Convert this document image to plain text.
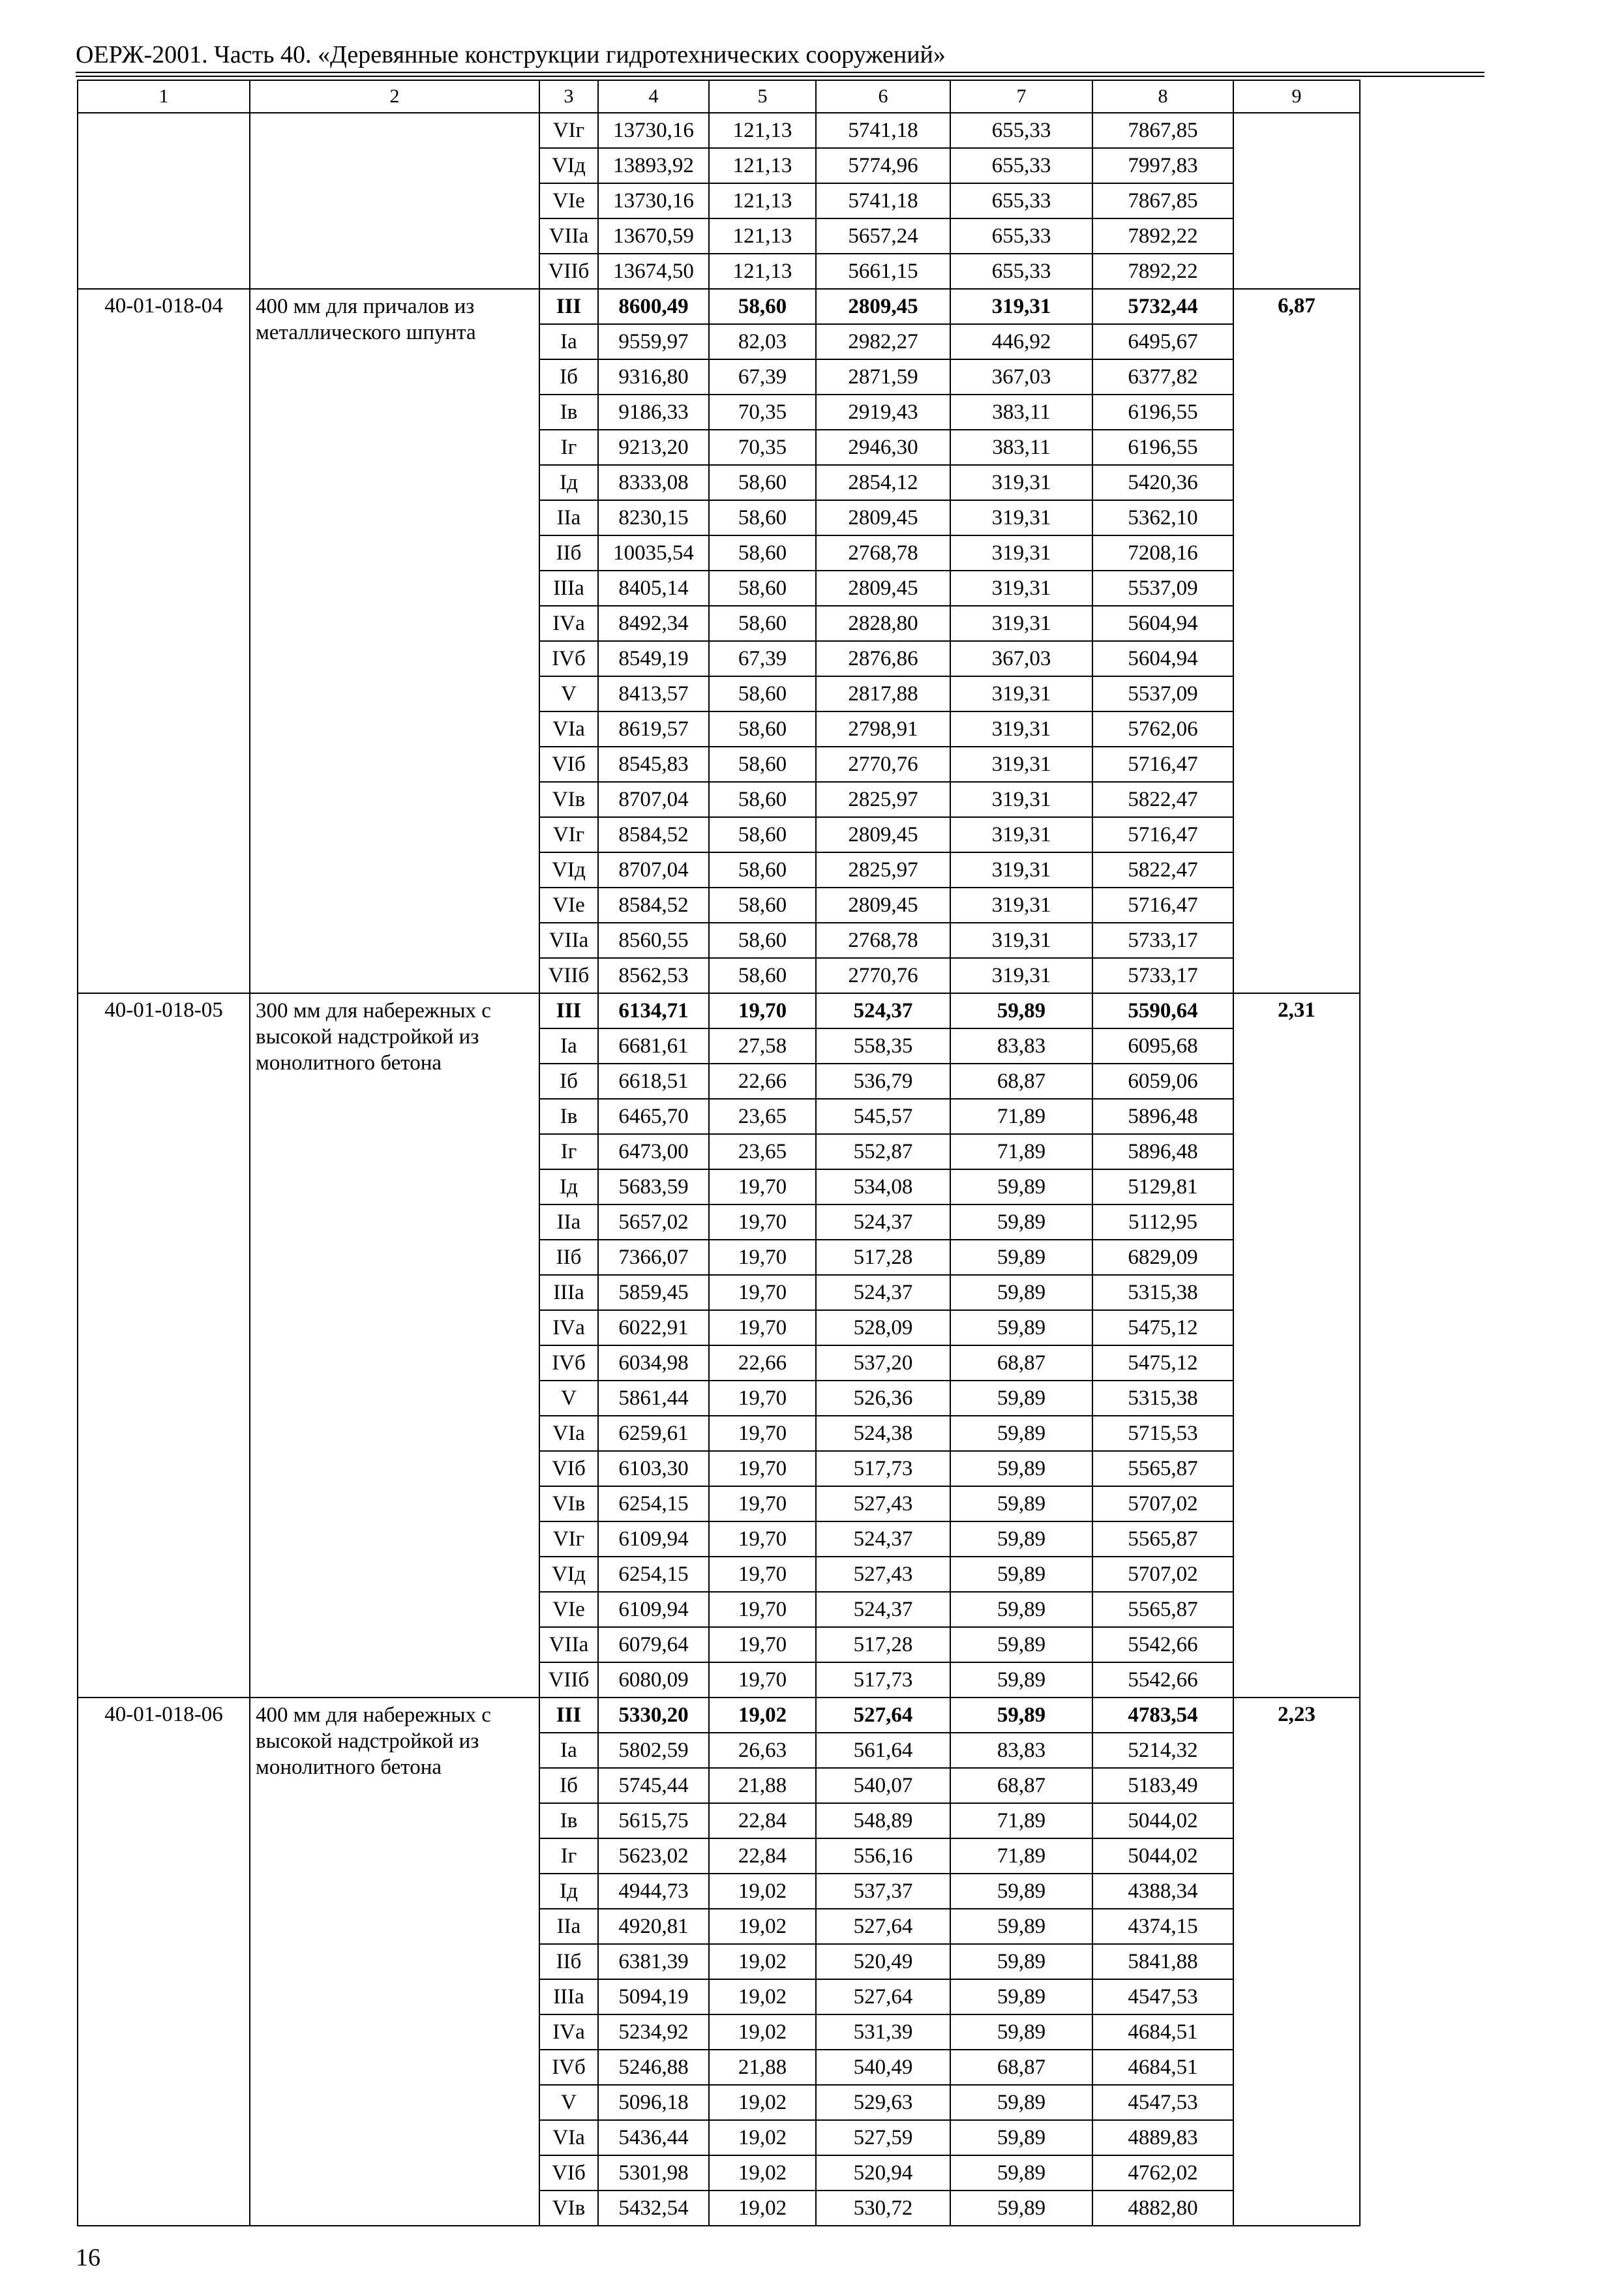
ОЕРЖ-2001. Часть 40. «Деревянные конструкции гидротехнических сооружений»
1	2	3	4	5	6	7	8	9
		VIг	13730,16	121,13	5741,18	655,33	7867,85	
		VIд	13893,92	121,13	5774,96	655,33	7997,83	
		VIе	13730,16	121,13	5741,18	655,33	7867,85	
		VIIа	13670,59	121,13	5657,24	655,33	7892,22	
		VIIб	13674,50	121,13	5661,15	655,33	7892,22	
40-01-018-04	400 мм для причалов из металлического шпунта	III	8600,49	58,60	2809,45	319,31	5732,44	6,87
		Iа	9559,97	82,03	2982,27	446,92	6495,67	
		Iб	9316,80	67,39	2871,59	367,03	6377,82	
		Iв	9186,33	70,35	2919,43	383,11	6196,55	
		Iг	9213,20	70,35	2946,30	383,11	6196,55	
		Iд	8333,08	58,60	2854,12	319,31	5420,36	
		IIа	8230,15	58,60	2809,45	319,31	5362,10	
		IIб	10035,54	58,60	2768,78	319,31	7208,16	
		IIIа	8405,14	58,60	2809,45	319,31	5537,09	
		IVа	8492,34	58,60	2828,80	319,31	5604,94	
		IVб	8549,19	67,39	2876,86	367,03	5604,94	
		V	8413,57	58,60	2817,88	319,31	5537,09	
		VIа	8619,57	58,60	2798,91	319,31	5762,06	
		VIб	8545,83	58,60	2770,76	319,31	5716,47	
		VIв	8707,04	58,60	2825,97	319,31	5822,47	
		VIг	8584,52	58,60	2809,45	319,31	5716,47	
		VIд	8707,04	58,60	2825,97	319,31	5822,47	
		VIе	8584,52	58,60	2809,45	319,31	5716,47	
		VIIа	8560,55	58,60	2768,78	319,31	5733,17	
		VIIб	8562,53	58,60	2770,76	319,31	5733,17	
40-01-018-05	300 мм для набережных с высокой надстройкой из монолитного бетона	III	6134,71	19,70	524,37	59,89	5590,64	2,31
		Iа	6681,61	27,58	558,35	83,83	6095,68	
		Iб	6618,51	22,66	536,79	68,87	6059,06	
		Iв	6465,70	23,65	545,57	71,89	5896,48	
		Iг	6473,00	23,65	552,87	71,89	5896,48	
		Iд	5683,59	19,70	534,08	59,89	5129,81	
		IIа	5657,02	19,70	524,37	59,89	5112,95	
		IIб	7366,07	19,70	517,28	59,89	6829,09	
		IIIа	5859,45	19,70	524,37	59,89	5315,38	
		IVа	6022,91	19,70	528,09	59,89	5475,12	
		IVб	6034,98	22,66	537,20	68,87	5475,12	
		V	5861,44	19,70	526,36	59,89	5315,38	
		VIа	6259,61	19,70	524,38	59,89	5715,53	
		VIб	6103,30	19,70	517,73	59,89	5565,87	
		VIв	6254,15	19,70	527,43	59,89	5707,02	
		VIг	6109,94	19,70	524,37	59,89	5565,87	
		VIд	6254,15	19,70	527,43	59,89	5707,02	
		VIе	6109,94	19,70	524,37	59,89	5565,87	
		VIIа	6079,64	19,70	517,28	59,89	5542,66	
		VIIб	6080,09	19,70	517,73	59,89	5542,66	
40-01-018-06	400 мм для набережных с высокой надстройкой из монолитного бетона	III	5330,20	19,02	527,64	59,89	4783,54	2,23
		Iа	5802,59	26,63	561,64	83,83	5214,32	
		Iб	5745,44	21,88	540,07	68,87	5183,49	
		Iв	5615,75	22,84	548,89	71,89	5044,02	
		Iг	5623,02	22,84	556,16	71,89	5044,02	
		Iд	4944,73	19,02	537,37	59,89	4388,34	
		IIа	4920,81	19,02	527,64	59,89	4374,15	
		IIб	6381,39	19,02	520,49	59,89	5841,88	
		IIIа	5094,19	19,02	527,64	59,89	4547,53	
		IVа	5234,92	19,02	531,39	59,89	4684,51	
		IVб	5246,88	21,88	540,49	68,87	4684,51	
		V	5096,18	19,02	529,63	59,89	4547,53	
		VIа	5436,44	19,02	527,59	59,89	4889,83	
		VIб	5301,98	19,02	520,94	59,89	4762,02	
		VIв	5432,54	19,02	530,72	59,89	4882,80	
16
